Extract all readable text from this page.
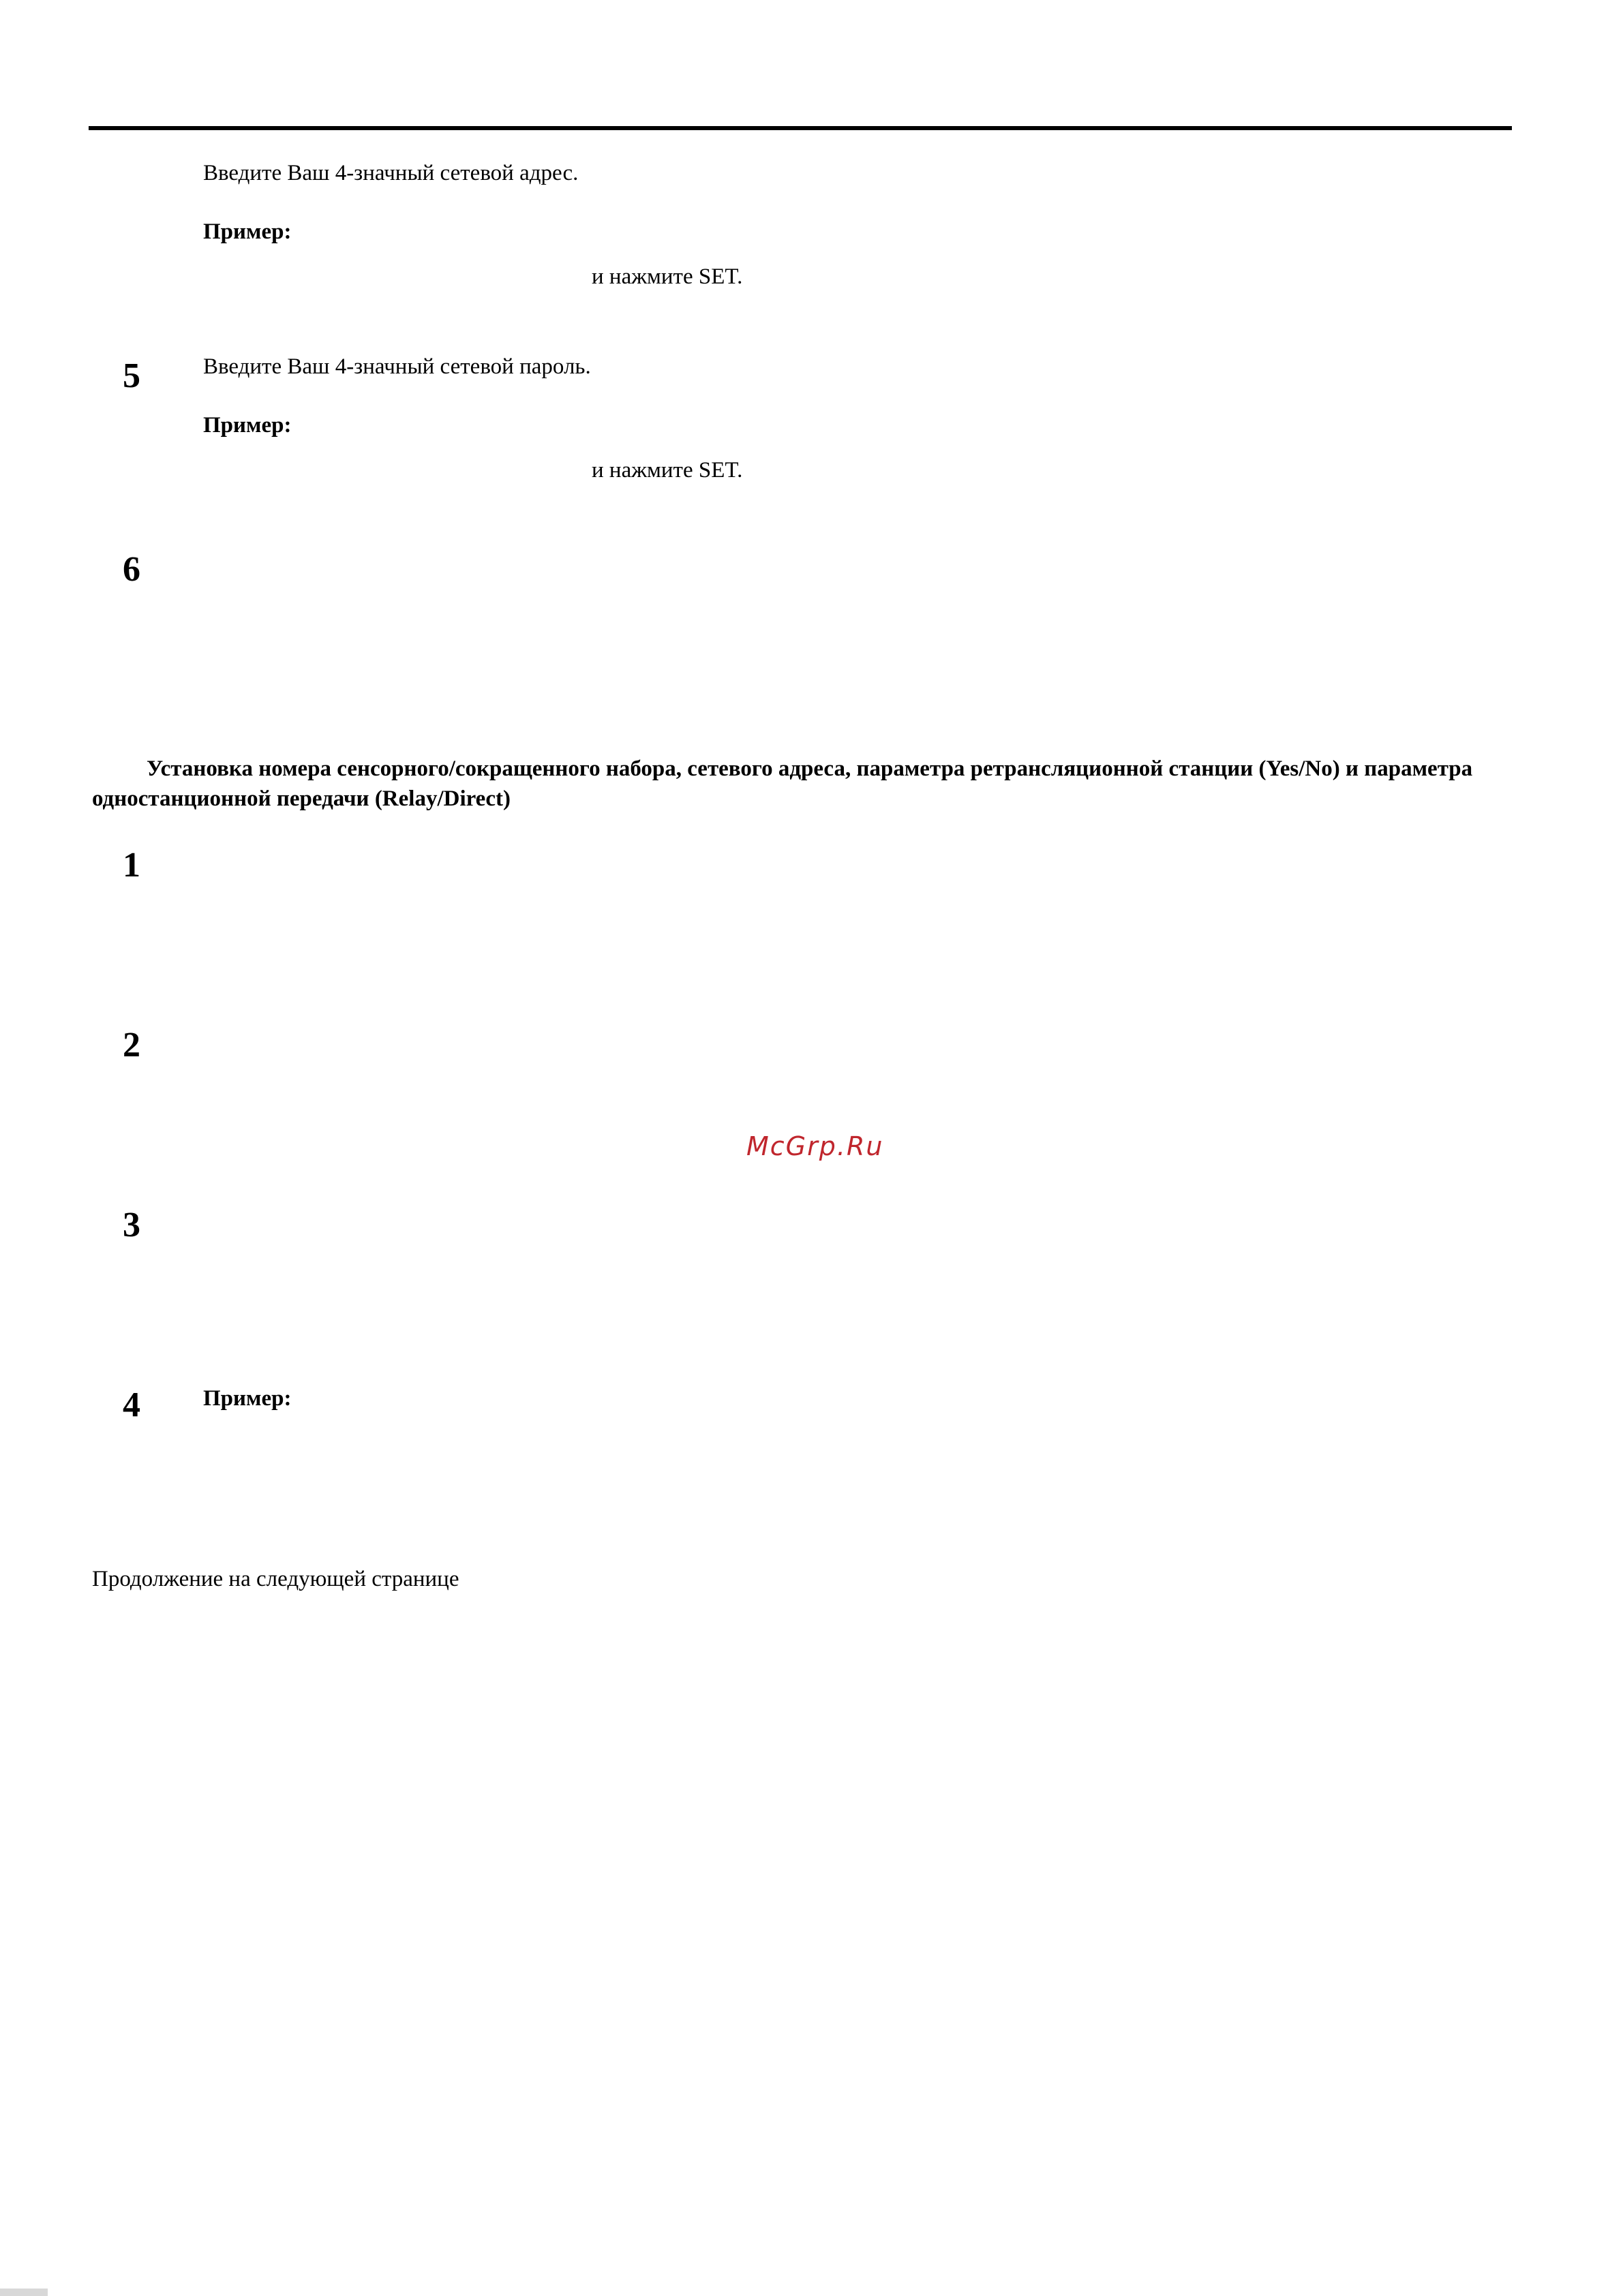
Введите Ваш 4-значный сетевой адрес.
Пример:
и нажмите SET.
5	Введите Ваш 4-значный сетевой пароль.
Пример:
и нажмите SET.
6
Установка номера сенсорного/сокращенного набора, сетевого адреса, параметра ретрансляционной станции (Yes/No) и параметра одностанционной передачи (Relay/Direct)
1
2
3
4	Пример:
McGrp.Ru
Продолжение на следующей странице
